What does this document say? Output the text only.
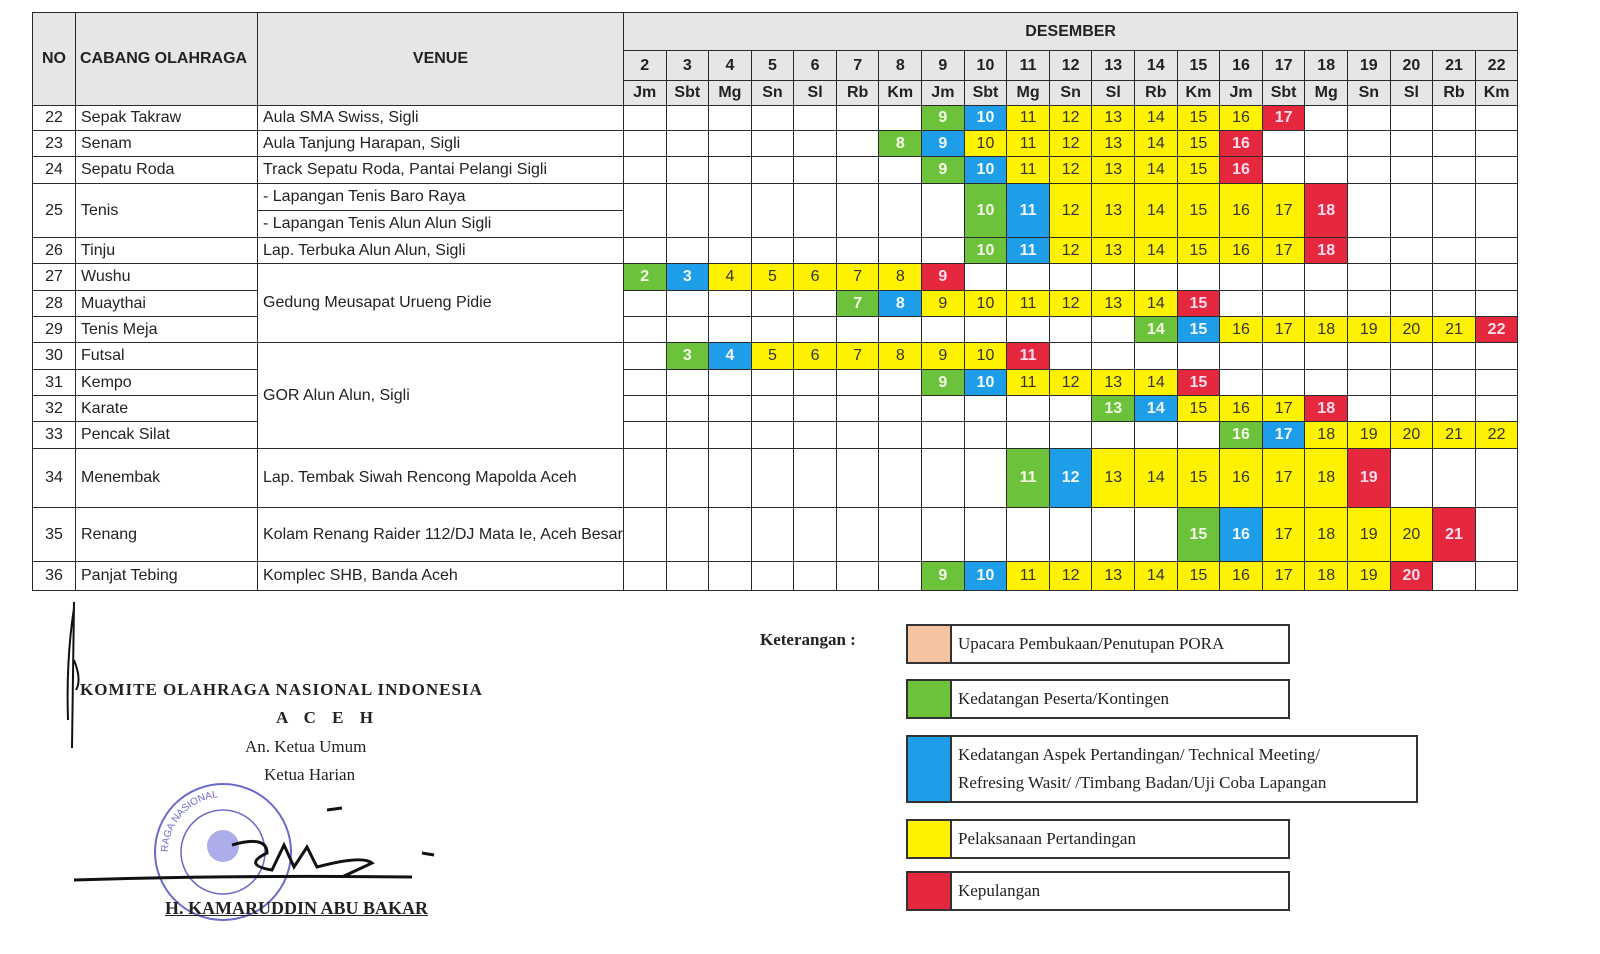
NO	CABANG OLAHRAGA	VENUE	DESEMBER																				
			2	3	4	5	6	7	8	9	10	11	12	13	14	15	16	17	18	19	20	21	22
			Jm	Sbt	Mg	Sn	Sl	Rb	Km	Jm	Sbt	Mg	Sn	Sl	Rb	Km	Jm	Sbt	Mg	Sn	Sl	Rb	Km
22	Sepak Takraw	Aula SMA Swiss, Sigli								9	10	11	12	13	14	15	16	17					
23	Senam	Aula Tanjung Harapan, Sigli							8	9	10	11	12	13	14	15	16						
24	Sepatu Roda	Track Sepatu Roda, Pantai Pelangi Sigli								9	10	11	12	13	14	15	16						
25	Tenis	- Lapangan Tenis Baro Raya									10	11	12	13	14	15	16	17	18				
		- Lapangan Tenis Alun Alun Sigli																					
26	Tinju	Lap. Terbuka Alun Alun, Sigli									10	11	12	13	14	15	16	17	18				
27	Wushu	Gedung Meusapat Urueng Pidie	2	3	4	5	6	7	8	9													
28	Muaythai							7	8	9	10	11	12	13	14	15							
29	Tenis Meja														14	15	16	17	18	19	20	21	22
30	Futsal	GOR Alun Alun, Sigli		3	4	5	6	7	8	9	10	11											
31	Kempo									9	10	11	12	13	14	15							
32	Karate													13	14	15	16	17	18				
33	Pencak Silat																16	17	18	19	20	21	22
34	Menembak	Lap. Tembak Siwah Rencong Mapolda Aceh										11	12	13	14	15	16	17	18	19			
35	Renang	Kolam Renang Raider 112/DJ Mata Ie, Aceh Besar														15	16	17	18	19	20	21	
36	Panjat Tebing	Komplec SHB, Banda Aceh								9	10	11	12	13	14	15	16	17	18	19	20		
Keterangan :	Upacara Pembukaan/Penutupan PORA
Kedatangan Peserta/Kontingen
Kedatangan Aspek Pertandingan/ Technical Meeting/
Refresing Wasit/ /Timbang Badan/Uji Coba Lapangan
Pelaksanaan Pertandingan
Kepulangan
KOMITE OLAHRAGA NASIONAL INDONESIA
A C E H
An. Ketua Umum
Ketua Harian
RAGA NASIONAL
H. KAMARUDDIN ABU BAKAR
